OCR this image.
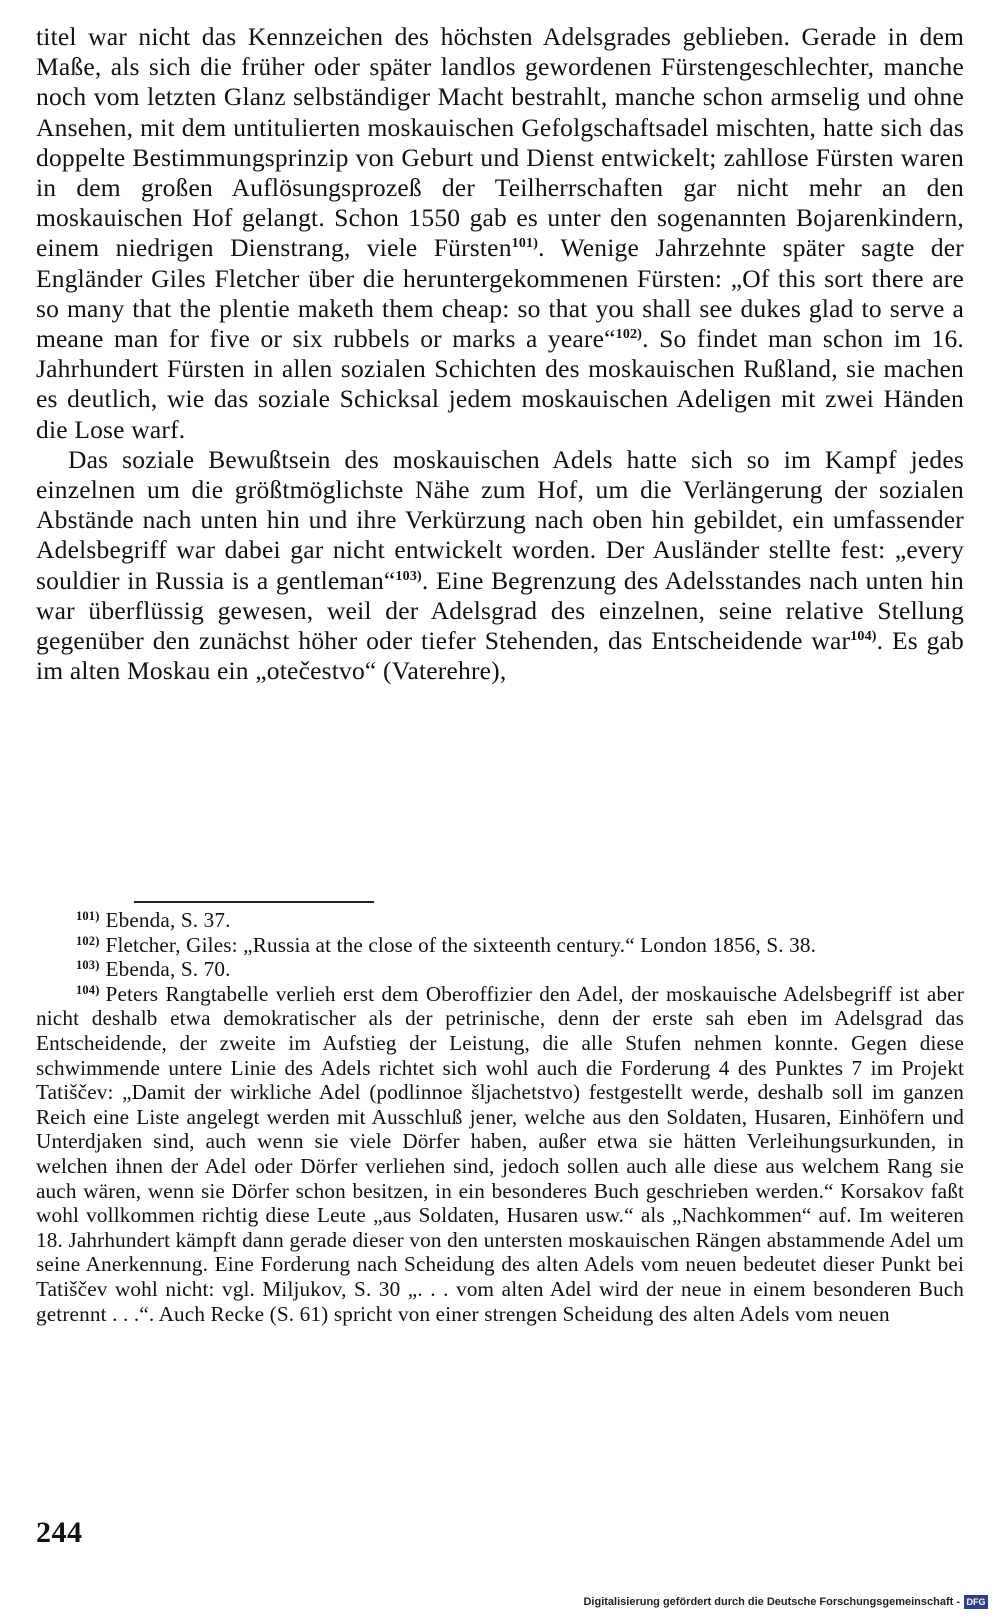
titel war nicht das Kennzeichen des höchsten Adelsgrades geblieben. Gerade in dem Maße, als sich die früher oder später landlos gewordenen Fürstengeschlechter, manche noch vom letzten Glanz selbständiger Macht bestrahlt, manche schon armselig und ohne Ansehen, mit dem untitulierten moskauischen Gefolgschaftsadel mischten, hatte sich das doppelte Bestimmungsprinzip von Geburt und Dienst entwickelt; zahllose Fürsten waren in dem großen Auflösungsprozeß der Teilherrschaften gar nicht mehr an den moskauischen Hof gelangt. Schon 1550 gab es unter den sogenannten Bojarenkindern, einem niedrigen Dienstrang, viele Fürsten$^{101)}$. Wenige Jahrzehnte später sagte der Engländer Giles Fletcher über die heruntergekommenen Fürsten: „Of this sort there are so many that the plentie maketh them cheap: so that you shall see dukes glad to serve a meane man for five or six rubbels or marks a yeare“$^{102)}$. So findet man schon im 16. Jahrhundert Fürsten in allen sozialen Schichten des moskauischen Rußland, sie machen es deutlich, wie das soziale Schicksal jedem moskauischen Adeligen mit zwei Händen die Lose warf.

Das soziale Bewußtsein des moskauischen Adels hatte sich so im Kampf jedes einzelnen um die größtmöglichste Nähe zum Hof, um die Verlängerung der sozialen Abstände nach unten hin und ihre Verkürzung nach oben hin gebildet, ein umfassender Adelsbegriff war dabei gar nicht entwickelt worden. Der Ausländer stellte fest: „every souldier in Russia is a gentleman“$^{103)}$. Eine Begrenzung des Adelsstandes nach unten hin war überflüssig gewesen, weil der Adelsgrad des einzelnen, seine relative Stellung gegenüber den zunächst höher oder tiefer Stehenden, das Entscheidende war$^{104)}$. Es gab im alten Moskau ein „otečestvo“ (Vaterehre),

$^{101)}$ Ebenda, S. 37.

$^{102)}$ Fletcher, Giles: „Russia at the close of the sixteenth century.“ London 1856, S. 38.

$^{103)}$ Ebenda, S. 70.

$^{104)}$ Peters Rangtabelle verlieh erst dem Oberoffizier den Adel, der moskauische Adelsbegriff ist aber nicht deshalb etwa demokratischer als der petrinische, denn der erste sah eben im Adelsgrad das Entscheidende, der zweite im Aufstieg der Leistung, die alle Stufen nehmen konnte. Gegen diese schwimmende untere Linie des Adels richtet sich wohl auch die Forderung 4 des Punktes 7 im Projekt Tatiščev: „Damit der wirkliche Adel (podlinnoe šljachetstvo) festgestellt werde, deshalb soll im ganzen Reich eine Liste angelegt werden mit Ausschluß jener, welche aus den Soldaten, Husaren, Einhöfern und Unterdjaken sind, auch wenn sie viele Dörfer haben, außer etwa sie hätten Verleihungsurkunden, in welchen ihnen der Adel oder Dörfer verliehen sind, jedoch sollen auch alle diese aus welchem Rang sie auch wären, wenn sie Dörfer schon besitzen, in ein besonderes Buch geschrieben werden.“ Korsakov faßt wohl vollkommen richtig diese Leute „aus Soldaten, Husaren usw.“ als „Nachkommen“ auf. Im weiteren 18. Jahrhundert kämpft dann gerade dieser von den untersten moskauischen Rängen abstammende Adel um seine Anerkennung. Eine Forderung nach Scheidung des alten Adels vom neuen bedeutet dieser Punkt bei Tatiščev wohl nicht: vgl. Miljukov, S. 30 „. . . vom alten Adel wird der neue in einem besonderen Buch getrennt . . .“. Auch Recke (S. 61) spricht von einer strengen Scheidung des alten Adels vom neuen

244
Digitalisierung gefördert durch die Deutsche Forschungsgemeinschaft - DFG
